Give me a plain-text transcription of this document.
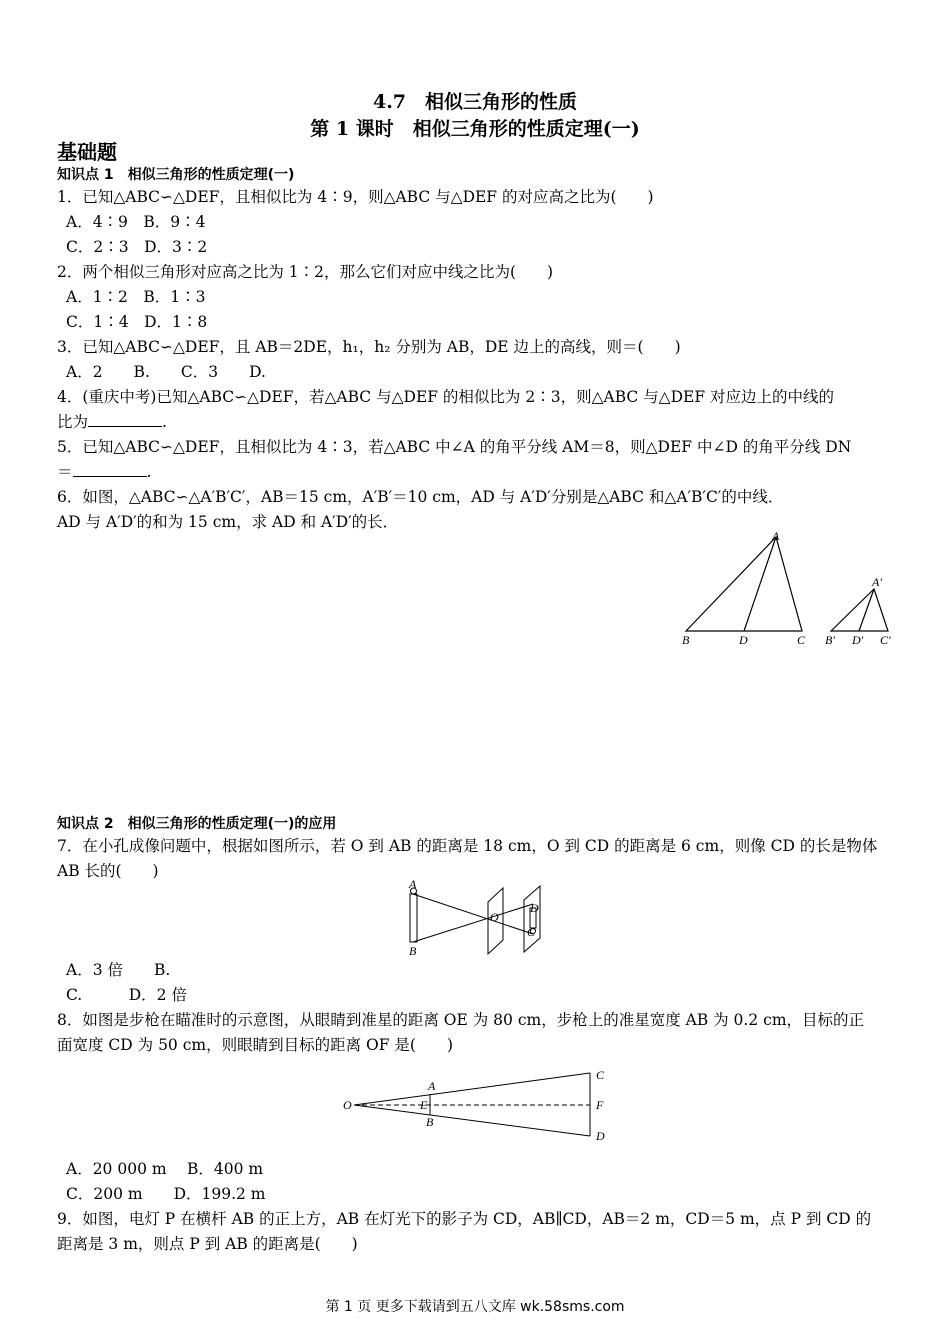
4.7　相似三角形的性质
第 1 课时　相似三角形的性质定理(一)
基础题
知识点 1　相似三角形的性质定理(一)
1．已知△ABC∽△DEF，且相似比为 4∶9，则△ABC 与△DEF 的对应高之比为(　　)
A．4∶9　B．9∶4
C．2∶3　D．3∶2
2．两个相似三角形对应高之比为 1∶2，那么它们对应中线之比为(　　)
A．1∶2　B．1∶3
C．1∶4　D．1∶8
3．已知△ABC∽△DEF，且 AB＝2DE，h₁，h₂ 分别为 AB，DE 边上的高线，则＝(　　)
A．2　　B.　　C．3　　D.
4．(重庆中考)已知△ABC∽△DEF，若△ABC 与△DEF 的相似比为 2∶3，则△ABC 与△DEF 对应边上的中线的
比为	.
5．已知△ABC∽△DEF，且相似比为 4∶3，若△ABC 中∠A 的角平分线 AM＝8，则△DEF 中∠D 的角平分线 DN
＝	.
6．如图，△ABC∽△A′B′C′，AB＝15 cm，A′B′＝10 cm，AD 与 A′D′分别是△ABC 和△A′B′C′的中线．
AD 与 A′D′的和为 15 cm，求 AD 和 A′D′的长．
A
B	D	C
A′
B′ D′ C′
知识点 2　相似三角形的性质定理(一)的应用
7．在小孔成像问题中，根据如图所示，若 O 到 AB 的距离是 18 cm，O 到 CD 的距离是 6 cm，则像 CD 的长是物体
AB 长的(　　)
A
B
O
D
C
A．3 倍　　B.
C.　　　D．2 倍
8．如图是步枪在瞄准时的示意图，从眼睛到准星的距离 OE 为 80 cm，步枪上的准星宽度 AB 为 0.2 cm，目标的正
面宽度 CD 为 50 cm，则眼睛到目标的距离 OF 是(　　)
O
A
E
B
C
F
D
A．20 000 m　 B．400 m
C．200 m　　D．199.2 m
9．如图，电灯 P 在横杆 AB 的正上方，AB 在灯光下的影子为 CD，AB∥CD，AB＝2 m，CD＝5 m，点 P 到 CD 的
距离是 3 m，则点 P 到 AB 的距离是(　　)
第 1 页 更多下载请到五八文库 wk.58sms.com
